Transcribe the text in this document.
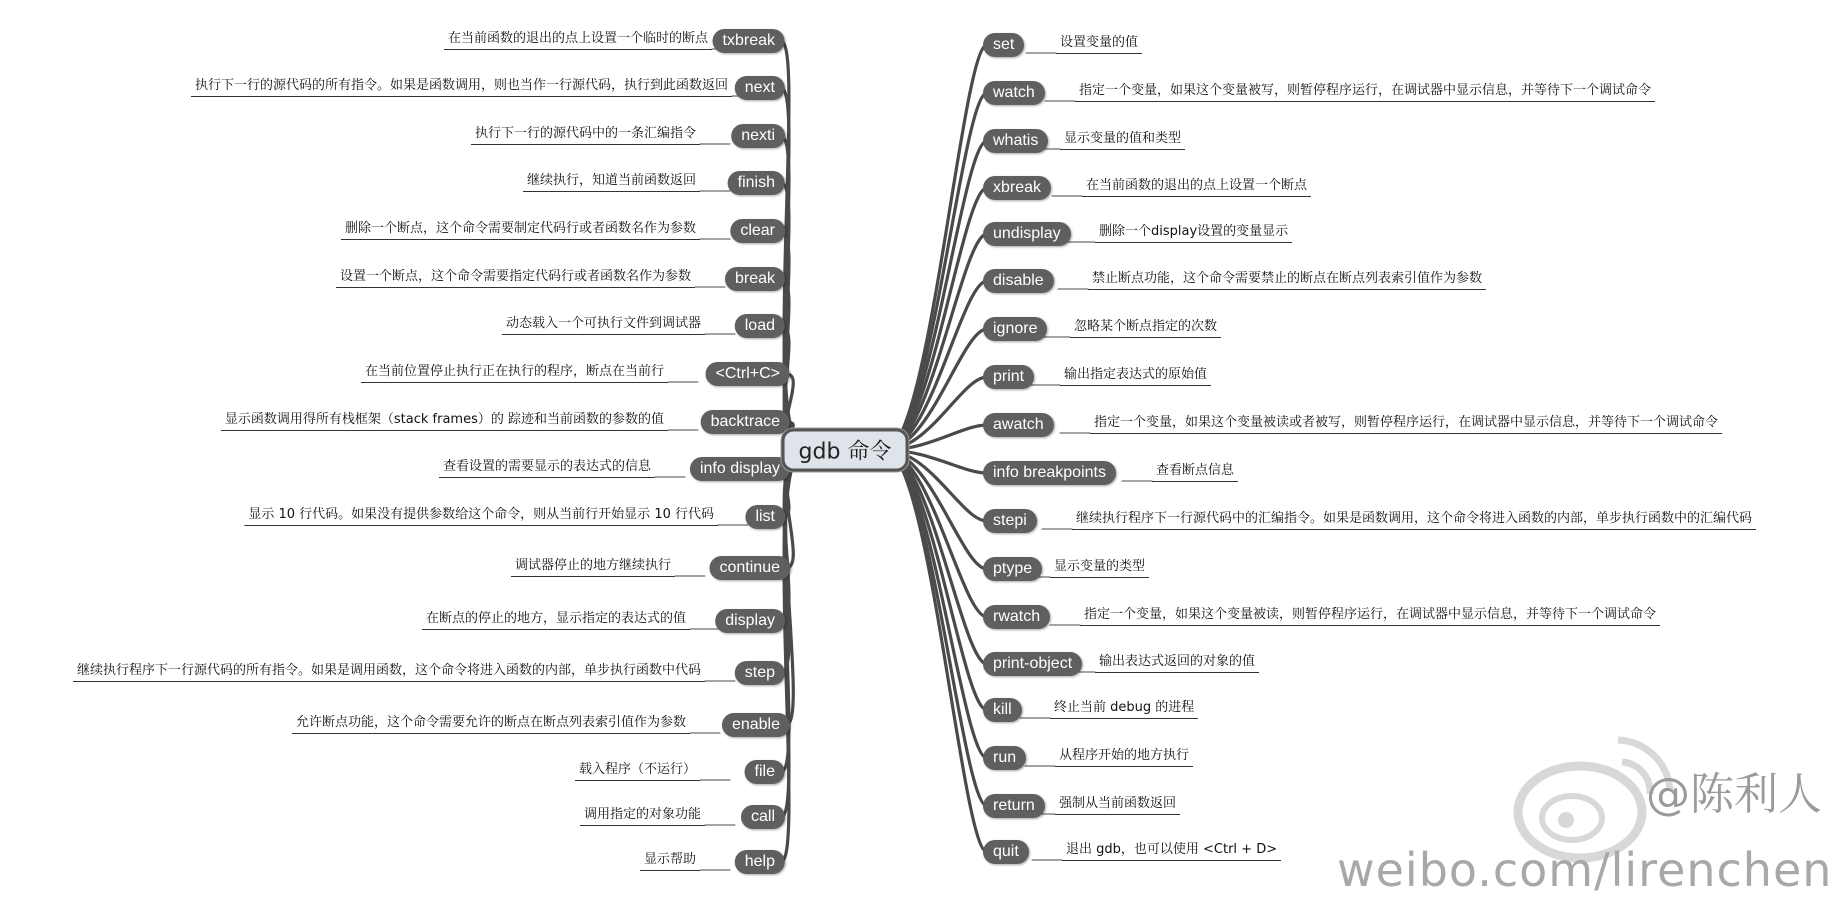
txbreak
在当前函数的退出的点上设置一个临时的断点
next
执行下一行的源代码的所有指令。如果是函数调用，则也当作一行源代码，执行到此函数返回
nexti
执行下一行的源代码中的一条汇编指令
finish
继续执行，知道当前函数返回
clear
删除一个断点，这个命令需要制定代码行或者函数名作为参数
break
设置一个断点，这个命令需要指定代码行或者函数名作为参数
load
动态载入一个可执行文件到调试器
<Ctrl+C>
在当前位置停止执行正在执行的程序，断点在当前行
backtrace
显示函数调用得所有栈框架（stack frames）的 踪迹和当前函数的参数的值
info display
查看设置的需要显示的表达式的信息
list
显示 10 行代码。如果没有提供参数给这个命令，则从当前行开始显示 10 行代码
continue
调试器停止的地方继续执行
display
在断点的停止的地方，显示指定的表达式的值
step
继续执行程序下一行源代码的所有指令。如果是调用函数，这个命令将进入函数的内部，单步执行函数中代码
enable
允许断点功能，这个命令需要允许的断点在断点列表索引值作为参数
file
载入程序（不运行）
call
调用指定的对象功能
help
显示帮助
set	设置变量的值
watch	指定一个变量，如果这个变量被写，则暂停程序运行，在调试器中显示信息，并等待下一个调试命令
whatis	显示变量的值和类型
xbreak	在当前函数的退出的点上设置一个断点
undisplay	删除一个display设置的变量显示
disable	禁止断点功能，这个命令需要禁止的断点在断点列表索引值作为参数
ignore	忽略某个断点指定的次数
print	输出指定表达式的原始值
awatch	指定一个变量，如果这个变量被读或者被写，则暂停程序运行，在调试器中显示信息，并等待下一个调试命令
info breakpoints	查看断点信息
stepi	继续执行程序下一行源代码中的汇编指令。如果是函数调用，这个命令将进入函数的内部，单步执行函数中的汇编代码
ptype	显示变量的类型
rwatch	指定一个变量，如果这个变量被读，则暂停程序运行，在调试器中显示信息，并等待下一个调试命令
print-object	输出表达式返回的对象的值
kill	终止当前 debug 的进程
run	从程序开始的地方执行
return	强制从当前函数返回
quit	退出 gdb，也可以使用 <Ctrl + D>
gdb 命令
@陈利人
weibo.com/lirenchen
